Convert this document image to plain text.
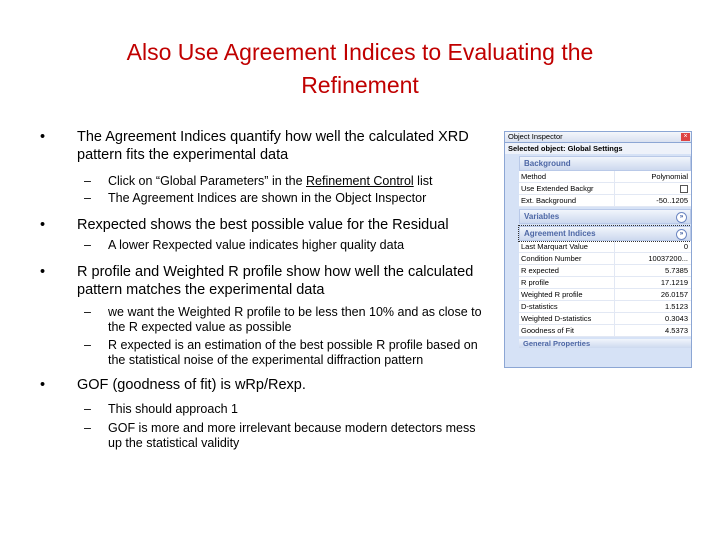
Also Use Agreement Indices to Evaluating the
Refinement
• The Agreement Indices quantify how well the calculated XRD pattern fits the experimental data
– Click on “Global Parameters” in the Refinement Control list
– The Agreement Indices are shown in the Object Inspector
• Rexpected shows the best possible value for the Residual
– A lower Rexpected value indicates higher quality data
• R profile and Weighted R profile show how well the calculated pattern matches the experimental data
– we want the Weighted R profile to be less then 10% and as close to the R expected value as possible
– R expected is an estimation of the best possible R profile based on the statistical noise of the experimental diffraction pattern
• GOF (goodness of fit) is wRp/Rexp.
– This should approach 1
– GOF is more and more irrelevant because modern detectors mess up the statistical validity
Object Inspector	×
Selected object: Global Settings
Background
Method	Polynomial
Use Extended Backgr
Ext. Background	-50..1205
Variables	»
Agreement Indices	»
Last Marquart Value	0
Condition Number	10037200...
R expected	5.7385
R profile	17.1219
Weighted R profile	26.0157
D-statistics	1.5123
Weighted D-statistics	0.3043
Goodness of Fit	4.5373
General Properties
